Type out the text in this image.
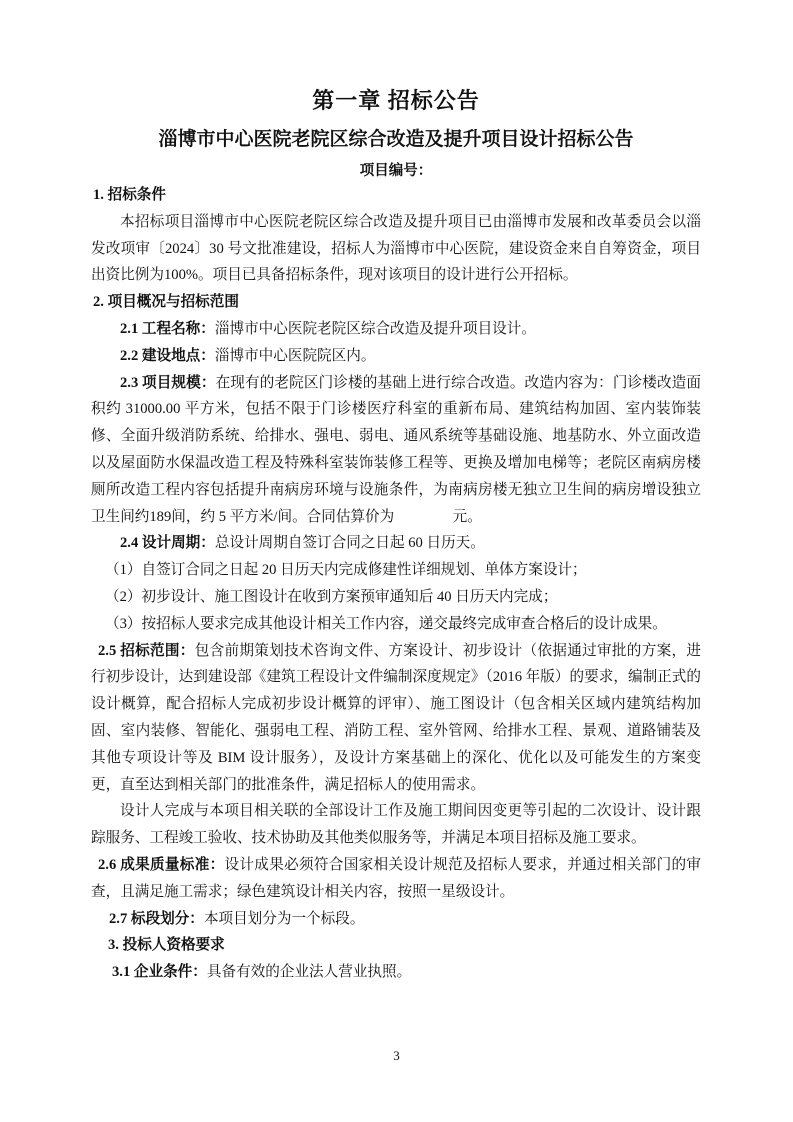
第一章 招标公告
淄博市中心医院老院区综合改造及提升项目设计招标公告
项目编号：

1. 招标条件

本招标项目淄博市中心医院老院区综合改造及提升项目已由淄博市发展和改革委员会以淄发改项审〔2024〕30 号文批准建设，招标人为淄博市中心医院，建设资金来自自筹资金，项目出资比例为100%。项目已具备招标条件，现对该项目的设计进行公开招标。

2. 项目概况与招标范围

2.1 工程名称：淄博市中心医院老院区综合改造及提升项目设计。

2.2 建设地点：淄博市中心医院院区内。

2.3 项目规模：在现有的老院区门诊楼的基础上进行综合改造。改造内容为：门诊楼改造面积约 31000.00 平方米，包括不限于门诊楼医疗科室的重新布局、建筑结构加固、室内装饰装修、全面升级消防系统、给排水、强电、弱电、通风系统等基础设施、地基防水、外立面改造以及屋面防水保温改造工程及特殊科室装饰装修工程等、更换及增加电梯等；老院区南病房楼厕所改造工程内容包括提升南病房环境与设施条件，为南病房楼无独立卫生间的病房增设独立卫生间约189间，约 5 平方米/间。合同估算价为　　　　元。

2.4 设计周期：总设计周期自签订合同之日起 60 日历天。

（1）自签订合同之日起 20 日历天内完成修建性详细规划、单体方案设计；

（2）初步设计、施工图设计在收到方案预审通知后 40 日历天内完成；

（3）按招标人要求完成其他设计相关工作内容，递交最终完成审查合格后的设计成果。

2.5 招标范围：包含前期策划技术咨询文件、方案设计、初步设计（依据通过审批的方案，进行初步设计，达到建设部《建筑工程设计文件编制深度规定》（2016 年版）的要求，编制正式的设计概算，配合招标人完成初步设计概算的评审）、施工图设计（包含相关区域内建筑结构加固、室内装修、智能化、强弱电工程、消防工程、室外管网、给排水工程、景观、道路铺装及其他专项设计等及 BIM 设计服务），及设计方案基础上的深化、优化以及可能发生的方案变更，直至达到相关部门的批准条件，满足招标人的使用需求。

设计人完成与本项目相关联的全部设计工作及施工期间因变更等引起的二次设计、设计跟踪服务、工程竣工验收、技术协助及其他类似服务等，并满足本项目招标及施工要求。

2.6 成果质量标准：设计成果必须符合国家相关设计规范及招标人要求，并通过相关部门的审查，且满足施工需求；绿色建筑设计相关内容，按照一星级设计。

2.7 标段划分：本项目划分为一个标段。

3. 投标人资格要求

3.1 企业条件：具备有效的企业法人营业执照。

3
